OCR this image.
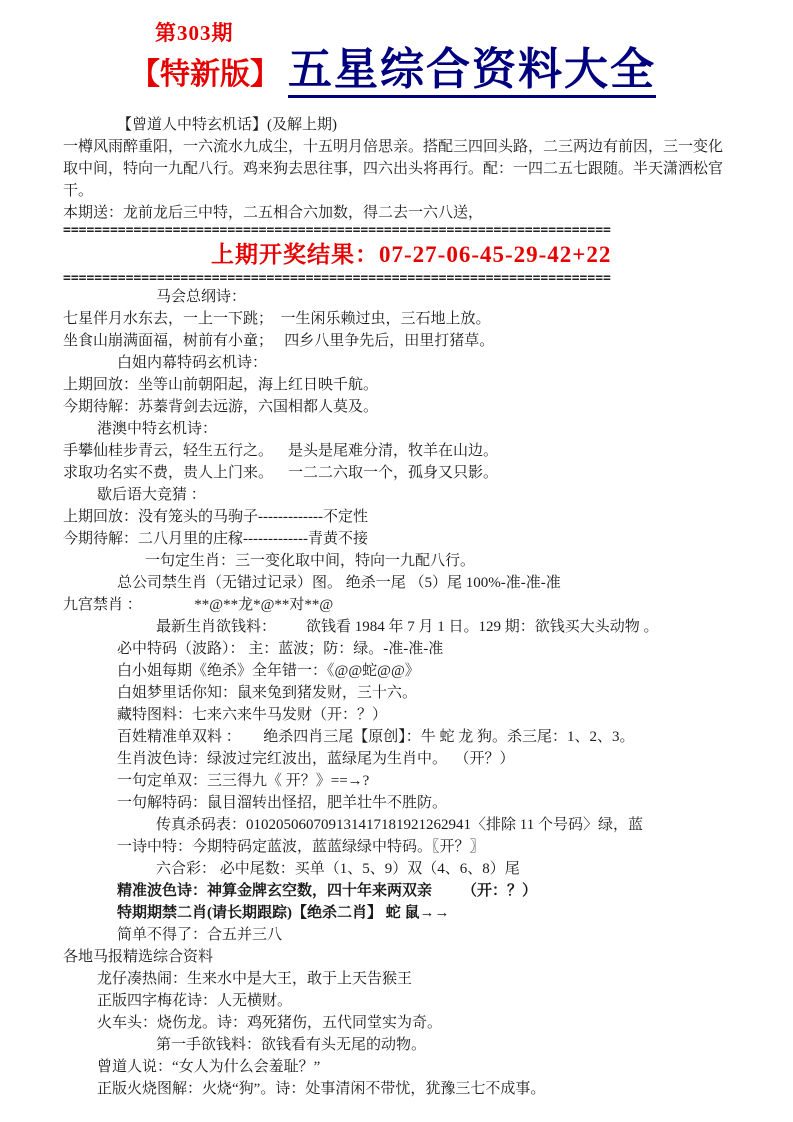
第303期
【特新版】 五星综合资料大全
【曾道人中特玄机话】(及解上期)
一樽风雨醉重阳，一六流水九成尘，十五明月倍思亲。搭配三四回头路，二三两边有前因，三一变化
取中间，特向一九配八行。鸡来狗去思往事，四六出头将再行。配：一四二五七跟随。半天潇洒松官
干。
本期送：龙前龙后三中特，二五相合六加数，得二去一六八送，
======================================================================
上期开奖结果：07-27-06-45-29-42+22
======================================================================
马会总纲诗：
七星伴月水东去，一上一下跳；  一生闲乐赖过虫，三石地上放。
坐食山崩满面福，树前有小童；   四乡八里争先后，田里打猪草。
白姐内幕特码玄机诗：
上期回放：坐等山前朝阳起，海上红日映千航。
今期待解：苏蓁背剑去远游，六国相都人莫及。
港澳中特玄机诗：
手攀仙桂步青云，轻生五行之。    是头是尾难分清，牧羊在山边。
求取功名实不费，贵人上门来。    一二二六取一个，孤身又只影。
歇后语大竞猜 ：
上期回放：没有笼头的马驹子-------------不定性
今期待解：二八月里的庄稼-------------青黄不接
一句定生肖：三一变化取中间，特向一九配八行。
总公司禁生肖（无错过记录）图。 绝杀一尾 （5）尾 100%-准-准-准
九宫禁肖 ：              **@**龙*@**对**@
最新生肖欲钱料：        欲钱看 1984 年 7 月 1 日。129 期：欲钱买大头动物 。
必中特码（波路）： 主：蓝波；防：绿。-准-准-准
白小姐每期《绝杀》全年错一：《@@蛇@@》
白姐梦里话你知：鼠来兔到猪发财，三十六。
藏特图料：七来六来牛马发财（开：？）
百姓精准单双料 ：      绝杀四肖三尾【原创】：牛 蛇 龙 狗。杀三尾：1、2、3。
生肖波色诗：绿波过完红波出，蓝绿尾为生肖中。  （开？）
一句定单双：三三得九《 开？》==→?
一句解特码：鼠目溜转出怪招，肥羊壮牛不胜防。
传真杀码表：010205060709131417181921262941〈排除 11 个号码〉绿，蓝
一诗中特：今期特码定蓝波，蓝蓝绿绿中特码。〖开？〗
六合彩： 必中尾数：买单（1、5、9）双（4、6、8）尾
精准波色诗：神算金牌玄空数，四十年来两双亲        （开：？）
特期期禁二肖(请长期跟踪)【绝杀二肖】 蛇 鼠→→
简单不得了：合五并三八
各地马报精选综合资料
龙仔凑热闹：生来水中是大王，敢于上天告猴王
正版四字梅花诗：人无横财。
火车头：烧伤龙。诗：鸡死猪伤，五代同堂实为奇。
第一手欲钱料：欲钱看有头无尾的动物。
曾道人说：“女人为什么会羞耻？”
正版火烧图解：火烧“狗”。诗：处事清闲不带忧，犹豫三七不成事。
